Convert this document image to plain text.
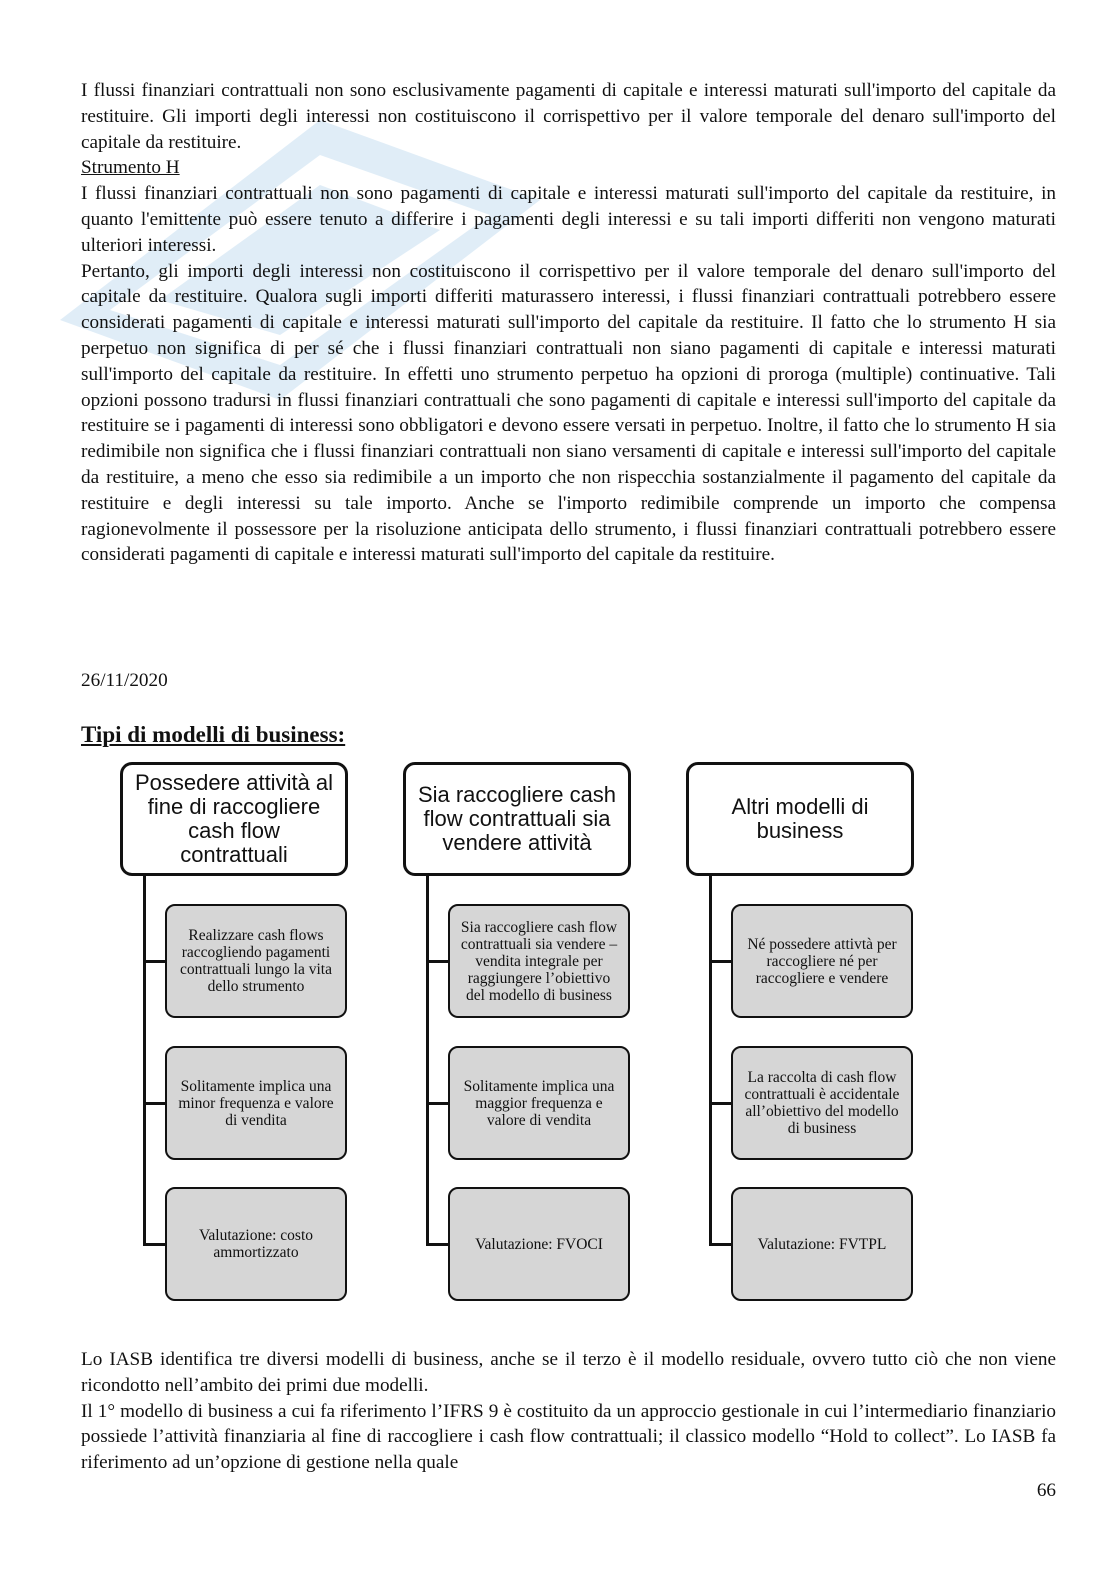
I flussi finanziari contrattuali non sono esclusivamente pagamenti di capitale e interessi maturati sull'importo del capitale da restituire. Gli importi degli interessi non costituiscono il corrispettivo per il valore temporale del denaro sull'importo del capitale da restituire.

Strumento H

I flussi finanziari contrattuali non sono pagamenti di capitale e interessi maturati sull'importo del capitale da restituire, in quanto l'emittente può essere tenuto a differire i pagamenti degli interessi e su tali importi differiti non vengono maturati ulteriori interessi.

Pertanto, gli importi degli interessi non costituiscono il corrispettivo per il valore temporale del denaro sull'importo del capitale da restituire. Qualora sugli importi differiti maturassero interessi, i flussi finanziari contrattuali potrebbero essere considerati pagamenti di capitale e interessi maturati sull'importo del capitale da restituire. Il fatto che lo strumento H sia perpetuo non significa di per sé che i flussi finanziari contrattuali non siano pagamenti di capitale e interessi maturati sull'importo del capitale da restituire. In effetti uno strumento perpetuo ha opzioni di proroga (multiple) continuative. Tali opzioni possono tradursi in flussi finanziari contrattuali che sono pagamenti di capitale e interessi sull'importo del capitale da restituire se i pagamenti di interessi sono obbligatori e devono essere versati in perpetuo. Inoltre, il fatto che lo strumento H sia redimibile non significa che i flussi finanziari contrattuali non siano versamenti di capitale e interessi sull'importo del capitale da restituire, a meno che esso sia redimibile a un importo che non rispecchia sostanzialmente il pagamento del capitale da restituire e degli interessi su tale importo. Anche se l'importo redimibile comprende un importo che compensa ragionevolmente il possessore per la risoluzione anticipata dello strumento, i flussi finanziari contrattuali potrebbero essere considerati pagamenti di capitale e interessi maturati sull'importo del capitale da restituire.

26/11/2020
Tipi di modelli di business:
Possedere attività al fine di raccogliere cash flow contrattuali
Realizzare cash flows raccogliendo pagamenti contrattuali lungo la vita dello strumento
Solitamente implica una minor frequenza e valore di vendita
Valutazione: costo ammortizzato
Sia raccogliere cash flow contrattuali sia vendere attività
Sia raccogliere cash flow contrattuali sia vendere – vendita integrale per raggiungere l’obiettivo del modello di business
Solitamente implica una maggior frequenza e valore di vendita
Valutazione: FVOCI
Altri modelli di business
Né possedere attivtà per raccogliere né per raccogliere e vendere
La raccolta di cash flow contrattuali è accidentale all’obiettivo del modello di business
Valutazione: FVTPL

Lo IASB identifica tre diversi modelli di business, anche se il terzo è il modello residuale, ovvero tutto ciò che non viene ricondotto nell’ambito dei primi due modelli.

Il 1° modello di business a cui fa riferimento l’IFRS 9 è costituito da un approccio gestionale in cui l’intermediario finanziario possiede l’attività finanziaria al fine di raccogliere i cash flow contrattuali; il classico modello “Hold to collect”. Lo IASB fa riferimento ad un’opzione di gestione nella quale

66
